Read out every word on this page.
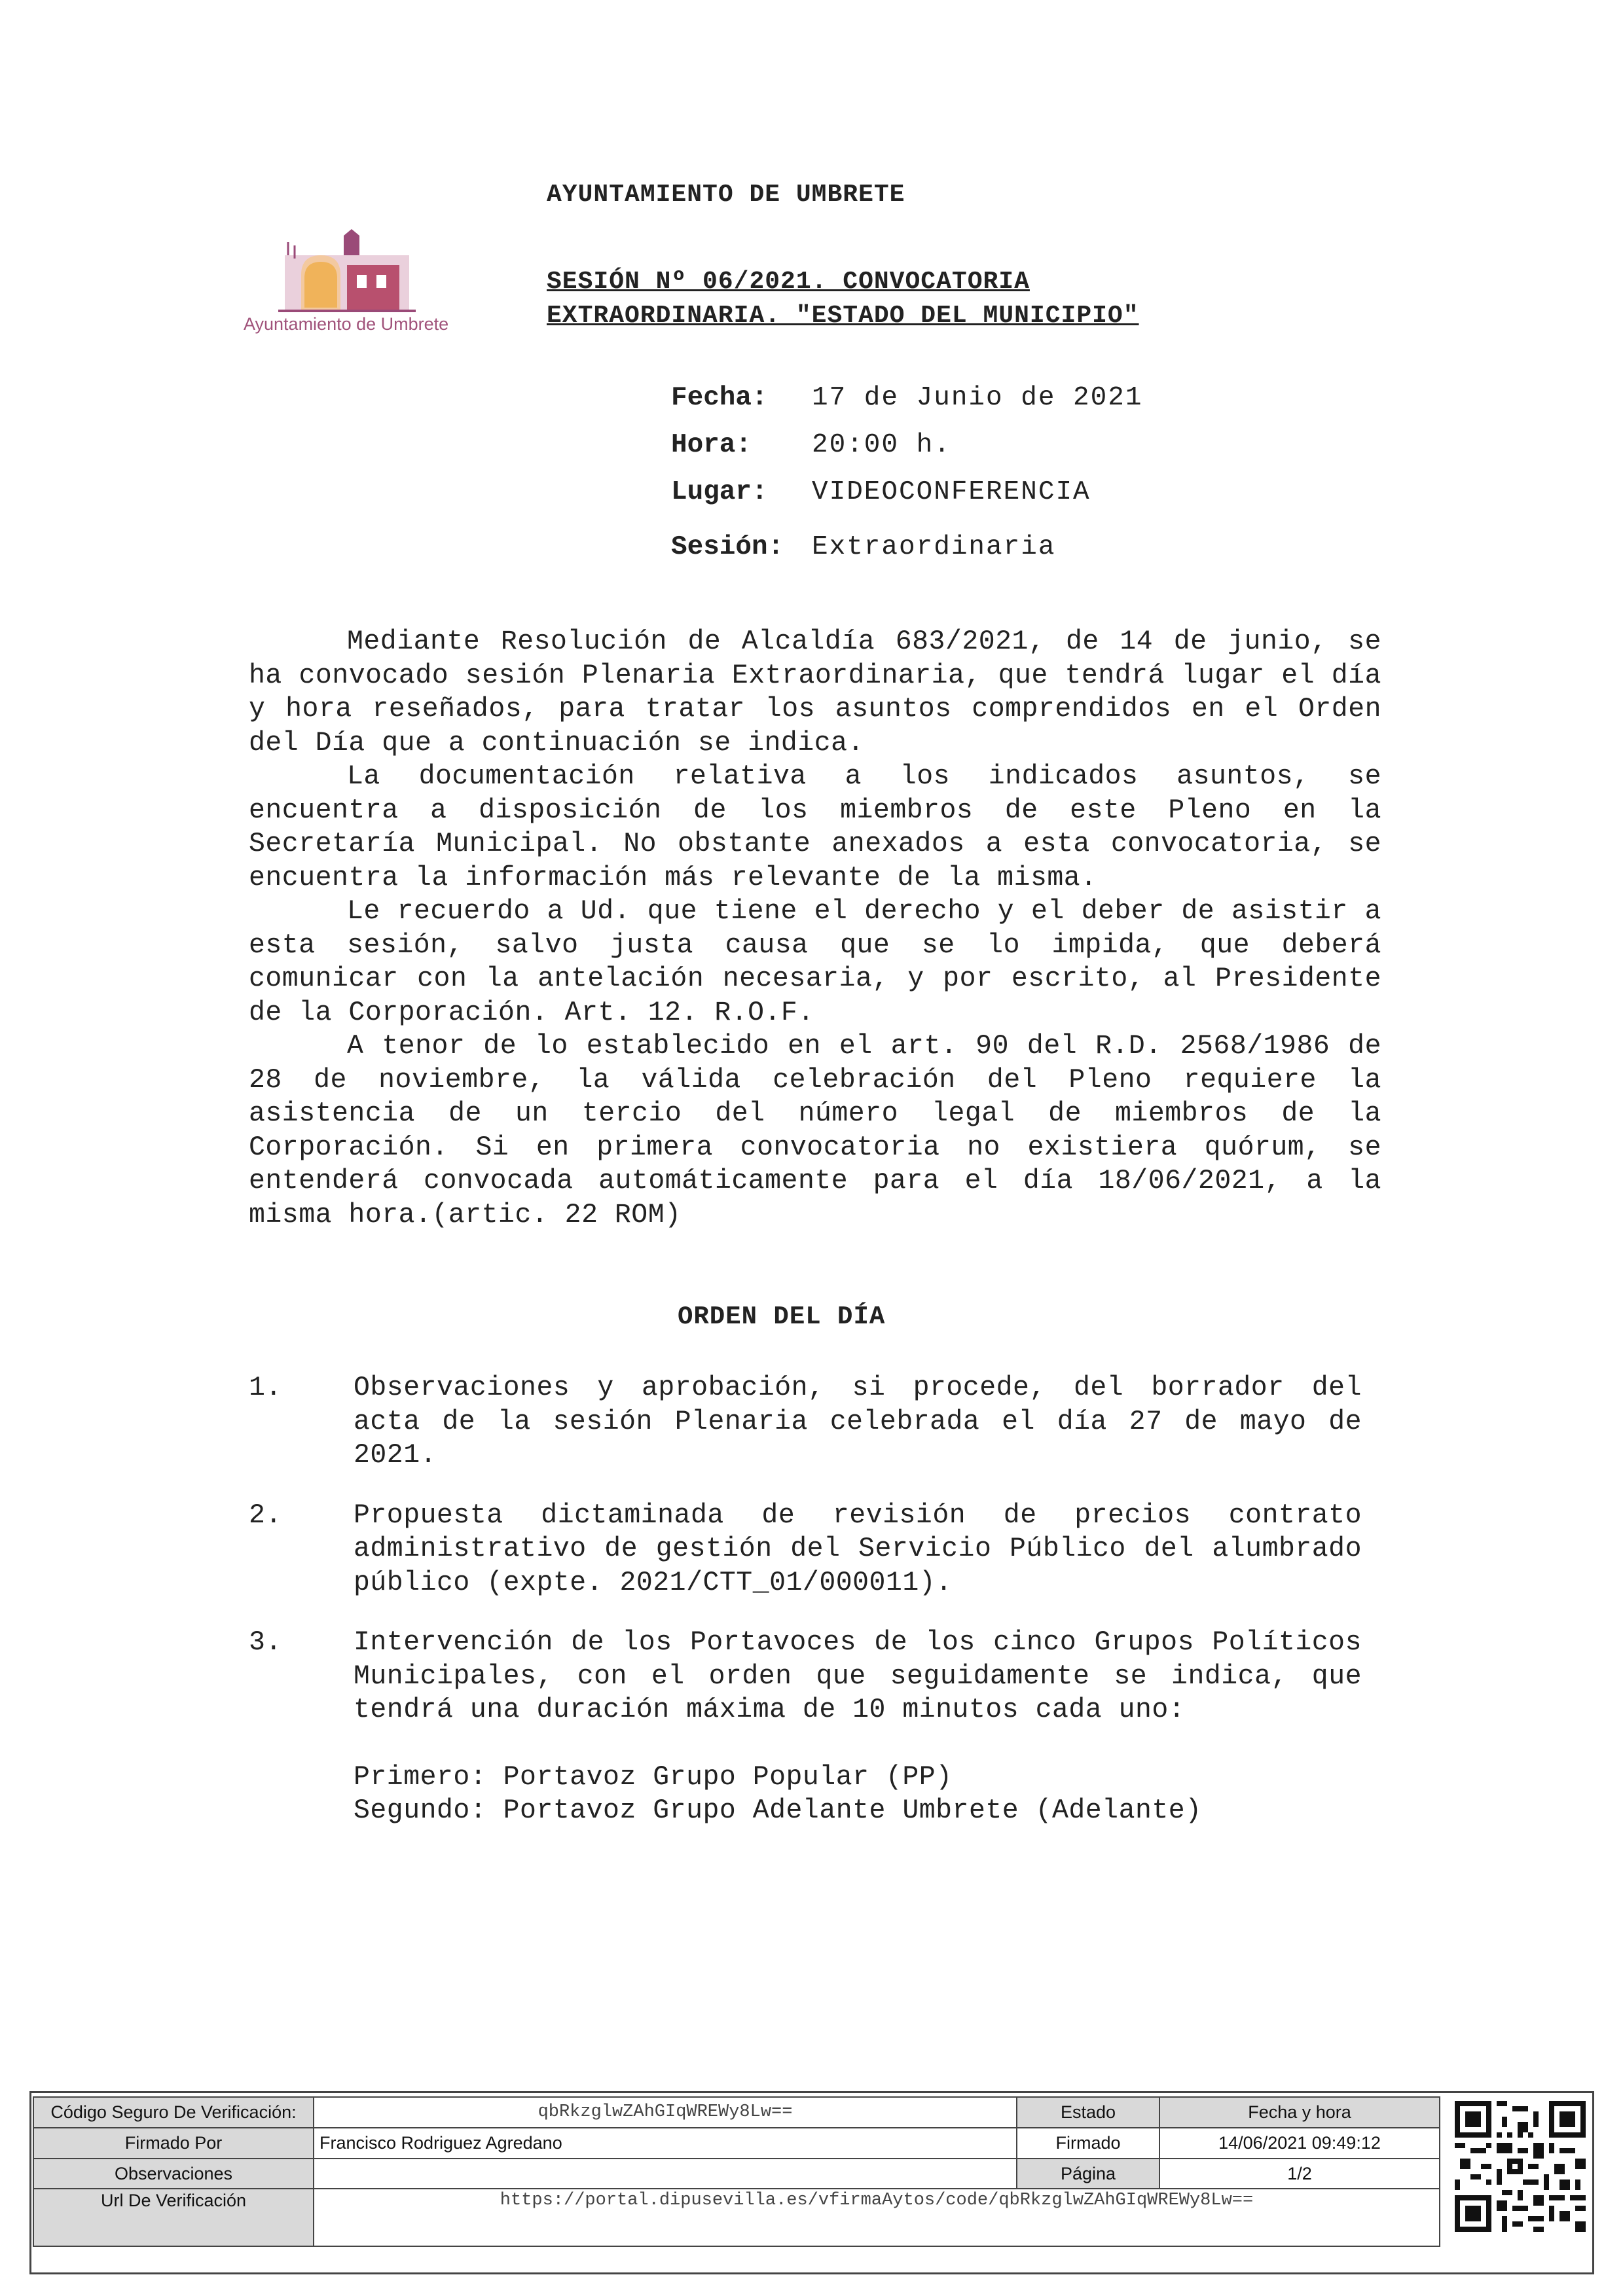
AYUNTAMIENTO DE UMBRETE
Ayuntamiento de Umbrete
SESIÓN Nº 06/2021. CONVOCATORIA
EXTRAORDINARIA. "ESTADO DEL MUNICIPIO"
Fecha:	17 de Junio de 2021
Hora:	20:00 h.
Lugar:	VIDEOCONFERENCIA
Sesión:	Extraordinaria

Mediante Resolución de Alcaldía 683/2021, de 14 de junio, se ha convocado sesión Plenaria Extraordinaria, que tendrá lugar el día y hora reseñados, para tratar los asuntos comprendidos en el Orden del Día que a continuación se indica.

La documentación relativa a los indicados asuntos, se encuentra a disposición de los miembros de este Pleno en la Secretaría Municipal. No obstante anexados a esta convocatoria, se encuentra la información más relevante de la misma.

Le recuerdo a Ud. que tiene el derecho y el deber de asistir a esta sesión, salvo justa causa que se lo impida, que deberá comunicar con la antelación necesaria, y por escrito, al Presidente de la Corporación. Art. 12. R.O.F.

A tenor de lo establecido en el art. 90 del R.D. 2568/1986 de 28 de noviembre, la válida celebración del Pleno requiere la asistencia de un tercio del número legal de miembros de la Corporación. Si en primera convocatoria no existiera quórum, se entenderá convocada automáticamente para el día 18/06/2021, a la misma hora.(artic. 22 ROM)

ORDEN DEL DÍA
1.	Observaciones y aprobación, si procede, del borrador del acta de la sesión Plenaria celebrada el día 27 de mayo de 2021.
2.	Propuesta dictaminada de revisión de precios contrato administrativo de gestión del Servicio Público del alumbrado público (expte. 2021/CTT_01/000011).
3.	Intervención de los Portavoces de los cinco Grupos Políticos Municipales, con el orden que seguidamente se indica, que tendrá una duración máxima de 10 minutos cada uno:
Primero: Portavoz Grupo Popular (PP)
Segundo: Portavoz Grupo Adelante Umbrete (Adelante)
Código Seguro De Verificación:	qbRkzglwZAhGIqWREWy8Lw==	Estado	Fecha y hora
Firmado Por	Francisco Rodriguez Agredano	Firmado	14/06/2021 09:49:12
Observaciones		Página	1/2
Url De Verificación	https://portal.dipusevilla.es/vfirmaAytos/code/qbRkzglwZAhGIqWREWy8Lw==		
